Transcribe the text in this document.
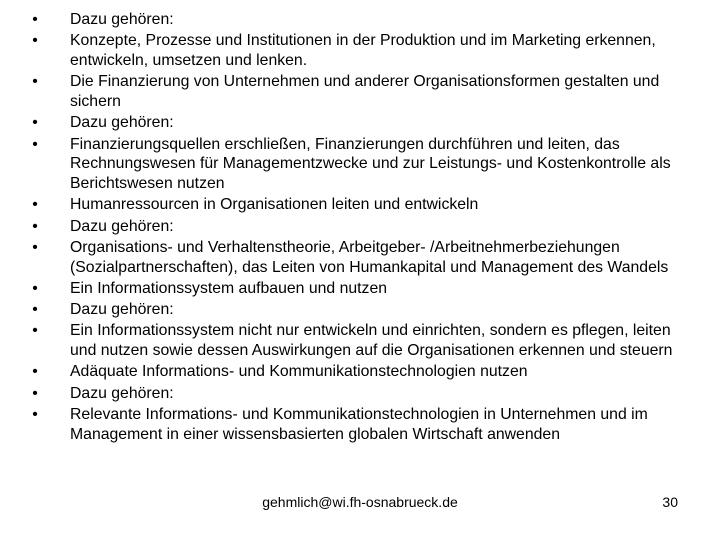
• Dazu gehören:
• Konzepte, Prozesse und Institutionen in der Produktion und im Marketing erkennen, entwickeln, umsetzen und lenken.
• Die Finanzierung von Unternehmen und anderer Organisationsformen gestalten und sichern
• Dazu gehören:
• Finanzierungsquellen erschließen, Finanzierungen durchführen und leiten, das Rechnungswesen für Managementzwecke und zur Leistungs- und Kostenkontrolle als Berichtswesen nutzen
• Humanressourcen in Organisationen leiten und entwickeln
• Dazu gehören:
• Organisations- und Verhaltenstheorie, Arbeitgeber- /Arbeitnehmerbeziehungen (Sozialpartnerschaften), das Leiten von Humankapital und Management des Wandels
• Ein Informationssystem aufbauen und nutzen
• Dazu gehören:
• Ein Informationssystem nicht nur entwickeln und einrichten, sondern es pflegen, leiten und nutzen sowie dessen Auswirkungen auf die Organisationen erkennen und steuern
• Adäquate Informations- und Kommunikationstechnologien nutzen
• Dazu gehören:
• Relevante Informations- und Kommunikationstechnologien in Unternehmen und im Management in einer wissensbasierten globalen Wirtschaft anwenden
gehmlich@wi.fh-osnabrueck.de	30
